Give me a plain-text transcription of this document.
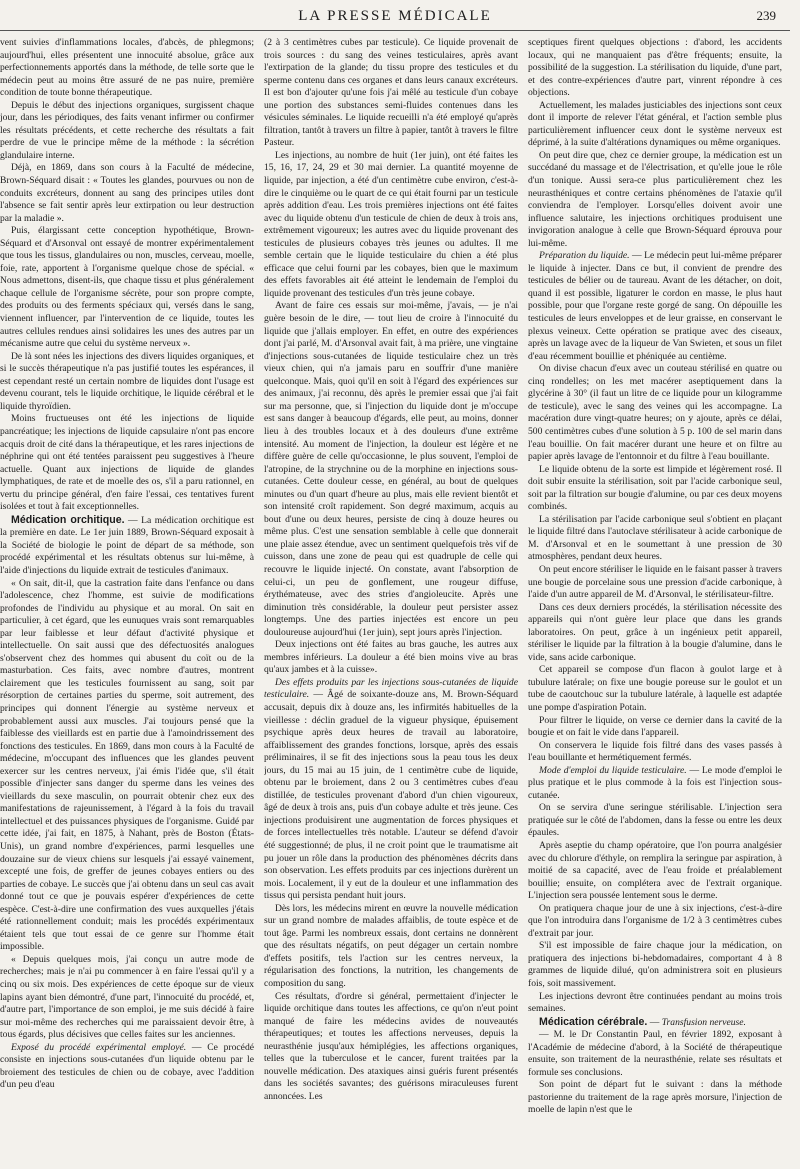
LA PRESSE MÉDICALE	239

vent suivies d'inflammations locales, d'abcès, de phlegmons; aujourd'hui, elles présentent une innocuité absolue, grâce aux perfectionnements apportés dans la méthode, de telle sorte que le médecin peut au moins être assuré de ne pas nuire, première condition de toute bonne thérapeutique.

Depuis le début des injections organiques, surgissent chaque jour, dans les périodiques, des faits venant infirmer ou confirmer les résultats précédents, et cette recherche des résultats a fait perdre de vue le principe même de la méthode : la sécrétion glandulaire interne.

Déjà, en 1869, dans son cours à la Faculté de médecine, Brown-Séquard disait : « Toutes les glandes, pourvues ou non de conduits excréteurs, donnent au sang des principes utiles dont l'absence se fait sentir après leur extirpation ou leur destruction par la maladie ».

Puis, élargissant cette conception hypothétique, Brown-Séquard et d'Arsonval ont essayé de montrer expérimentalement que tous les tissus, glandulaires ou non, muscles, cerveau, moelle, foie, rate, apportent à l'organisme quelque chose de spécial. « Nous admettons, disent-ils, que chaque tissu et plus généralement chaque cellule de l'organisme sécrète, pour son propre compte, des produits ou des ferments spéciaux qui, versés dans le sang, viennent influencer, par l'intervention de ce liquide, toutes les autres cellules rendues ainsi solidaires les unes des autres par un mécanisme autre que celui du système nerveux ».

De là sont nées les injections des divers liquides organiques, et si le succès thérapeutique n'a pas justifié toutes les espérances, il est cependant resté un certain nombre de liquides dont l'usage est devenu courant, tels le liquide orchitique, le liquide cérébral et le liquide thyroïdien.

Moins fructueuses ont été les injections de liquide pancréatique; les injections de liquide capsulaire n'ont pas encore acquis droit de cité dans la thérapeutique, et les rares injections de néphrine qui ont été tentées paraissent peu suggestives à l'heure actuelle. Quant aux injections de liquide de glandes lymphatiques, de rate et de moelle des os, s'il a paru rationnel, en vertu du principe général, d'en faire l'essai, ces tentatives furent isolées et tout à fait exceptionnelles.

Médication orchitique. — La médication orchitique est la première en date. Le 1er juin 1889, Brown-Séquard exposait à la Société de biologie le point de départ de sa méthode, son procédé expérimental et les résultats obtenus sur lui-même, à l'aide d'injections du liquide extrait de testicules d'animaux.

« On sait, dit-il, que la castration faite dans l'enfance ou dans l'adolescence, chez l'homme, est suivie de modifications profondes de l'individu au physique et au moral. On sait en particulier, à cet égard, que les eunuques vrais sont remarquables par leur faiblesse et leur défaut d'activité physique et intellectuelle. On sait aussi que des défectuosités analogues s'observent chez des hommes qui abusent du coït ou de la masturbation. Ces faits, avec nombre d'autres, montrent clairement que les testicules fournissent au sang, soit par résorption de certaines parties du sperme, soit autrement, des principes qui donnent l'énergie au système nerveux et probablement aussi aux muscles. J'ai toujours pensé que la faiblesse des vieillards est en partie due à l'amoindrissement des fonctions des testicules. En 1869, dans mon cours à la Faculté de médecine, m'occupant des influences que les glandes peuvent exercer sur les centres nerveux, j'ai émis l'idée que, s'il était possible d'injecter sans danger du sperme dans les veines des vieillards du sexe masculin, on pourrait obtenir chez eux des manifestations de rajeunissement, à l'égard à la fois du travail intellectuel et des puissances physiques de l'organisme. Guidé par cette idée, j'ai fait, en 1875, à Nahant, près de Boston (États-Unis), un grand nombre d'expériences, parmi lesquelles une douzaine sur de vieux chiens sur lesquels j'ai essayé vainement, excepté une fois, de greffer de jeunes cobayes entiers ou des parties de cobaye. Le succès que j'ai obtenu dans un seul cas avait donné tout ce que je pouvais espérer d'expériences de cette espèce. C'est-à-dire une confirmation des vues auxquelles j'étais été rationnellement conduit; mais les procédés expérimentaux étaient tels que tout essai de ce genre sur l'homme était impossible.

« Depuis quelques mois, j'ai conçu un autre mode de recherches; mais je n'ai pu commencer à en faire l'essai qu'il y a cinq ou six mois. Des expériences de cette époque sur de vieux lapins ayant bien démontré, d'une part, l'innocuité du procédé, et, d'autre part, l'importance de son emploi, je me suis décidé à faire sur moi-même des recherches qui me paraissaient devoir être, à tous égards, plus décisives que celles faites sur les anciennes.

Exposé du procédé expérimental employé. — Ce procédé consiste en injections sous-cutanées d'un liquide obtenu par le broiement des testicules de chien ou de cobaye, avec l'addition d'un peu d'eau

(2 à 3 centimètres cubes par testicule). Ce liquide provenait de trois sources : du sang des veines testiculaires, après avant l'extirpation de la glande; du tissu propre des testicules et du sperme contenu dans ces organes et dans leurs canaux excréteurs. Il est bon d'ajouter qu'une fois j'ai mêlé au testicule d'un cobaye une portion des substances semi-fluides contenues dans les vésicules séminales. Le liquide recueilli n'a été employé qu'après filtration, tantôt à travers un filtre à papier, tantôt à travers le filtre Pasteur.

Les injections, au nombre de huit (1er juin), ont été faites les 15, 16, 17, 24, 29 et 30 mai dernier. La quantité moyenne de liquide, par injection, a été d'un centimètre cube environ, c'est-à-dire le cinquième ou le quart de ce qui était fourni par un testicule après addition d'eau. Les trois premières injections ont été faites avec du liquide obtenu d'un testicule de chien de deux à trois ans, extrêmement vigoureux; les autres avec du liquide provenant des testicules de plusieurs cobayes très jeunes ou adultes. Il me semble certain que le liquide testiculaire du chien a été plus efficace que celui fourni par les cobayes, bien que le maximum des effets favorables ait été atteint le lendemain de l'emploi du liquide provenant des testicules d'un très jeune cobaye.

Avant de faire ces essais sur moi-même, j'avais, — je n'ai guère besoin de le dire, — tout lieu de croire à l'innocuité du liquide que j'allais employer. En effet, en outre des expériences dont j'ai parlé, M. d'Arsonval avait fait, à ma prière, une vingtaine d'injections sous-cutanées de liquide testiculaire chez un très vieux chien, qui n'a jamais paru en souffrir d'une manière quelconque. Mais, quoi qu'il en soit à l'égard des expériences sur des animaux, j'ai reconnu, dès après le premier essai que j'ai fait sur ma personne, que, si l'injection du liquide dont je m'occupe est sans danger à beaucoup d'égards, elle peut, au moins, donner lieu à des troubles locaux et à des douleurs d'une extrême intensité. Au moment de l'injection, la douleur est légère et ne diffère guère de celle qu'occasionne, le plus souvent, l'emploi de l'atropine, de la strychnine ou de la morphine en injections sous-cutanées. Cette douleur cesse, en général, au bout de quelques minutes ou d'un quart d'heure au plus, mais elle revient bientôt et son intensité croît rapidement. Son degré maximum, acquis au bout d'une ou deux heures, persiste de cinq à douze heures ou même plus. C'est une sensation semblable à celle que donnerait une plaie assez étendue, avec un sentiment quelquefois très vif de cuisson, dans une zone de peau qui est quadruple de celle qui recouvre le liquide injecté. On constate, avant l'absorption de celui-ci, un peu de gonflement, une rougeur diffuse, érythémateuse, avec des stries d'angioleucite. Après une diminution très considérable, la douleur peut persister assez longtemps. Une des parties injectées est encore un peu douloureuse aujourd'hui (1er juin), sept jours après l'injection.

Deux injections ont été faites au bras gauche, les autres aux membres inférieurs. La douleur a été bien moins vive au bras qu'aux jambes et à la cuisse».

Des effets produits par les injections sous-cutanées de liquide testiculaire. — Âgé de soixante-douze ans, M. Brown-Séquard accusait, depuis dix à douze ans, les infirmités habituelles de la vieillesse : déclin graduel de la vigueur physique, épuisement psychique après deux heures de travail au laboratoire, affaiblissement des grandes fonctions, lorsque, après des essais préliminaires, il se fit des injections sous la peau tous les deux jours, du 15 mai au 15 juin, de 1 centimètre cube de liquide, obtenu par le broiement, dans 2 ou 3 centimètres cubes d'eau distillée, de testicules provenant d'abord d'un chien vigoureux, âgé de deux à trois ans, puis d'un cobaye adulte et très jeune. Ces injections produisirent une augmentation de forces physiques et de forces intellectuelles très notable. L'auteur se défend d'avoir été suggestionné; de plus, il ne croit point que le traumatisme ait pu jouer un rôle dans la production des phénomènes décrits dans son observation. Les effets produits par ces injections durèrent un mois. Localement, il y eut de la douleur et une inflammation des tissus qui persista pendant huit jours.

Dès lors, les médecins mirent en œuvre la nouvelle médication sur un grand nombre de malades affaiblis, de toute espèce et de tout âge. Parmi les nombreux essais, dont certains ne donnèrent que des résultats négatifs, on peut dégager un certain nombre d'effets positifs, tels l'action sur les centres nerveux, la régularisation des fonctions, la nutrition, les changements de composition du sang.

Ces résultats, d'ordre si général, permettaient d'injecter le liquide orchitique dans toutes les affections, ce qu'on n'eut point manqué de faire les médecins avides de nouveautés thérapeutiques; et toutes les affections nerveuses, depuis la neurasthénie jusqu'aux hémiplégies, les affections organiques, telles que la tuberculose et le cancer, furent traitées par la nouvelle médication. Des ataxiques ainsi guéris furent présentés dans les sociétés savantes; des guérisons miraculeuses furent annoncées. Les

sceptiques firent quelques objections : d'abord, les accidents locaux, qui ne manquaient pas d'être fréquents; ensuite, la possibilité de la suggestion. La stérilisation du liquide, d'une part, et des contre-expériences d'autre part, vinrent répondre à ces objections.

Actuellement, les malades justiciables des injections sont ceux dont il importe de relever l'état général, et l'action semble plus particulièrement influencer ceux dont le système nerveux est déprimé, à la suite d'altérations dynamiques ou même organiques.

On peut dire que, chez ce dernier groupe, la médication est un succédané du massage et de l'électrisation, et qu'elle joue le rôle d'un tonique. Aussi sera-ce plus particulièrement chez les neurasthéniques et contre certains phénomènes de l'ataxie qu'il conviendra de l'employer. Lorsqu'elles doivent avoir une influence salutaire, les injections orchitiques produisent une invigoration analogue à celle que Brown-Séquard éprouva pour lui-même.

Préparation du liquide. — Le médecin peut lui-même préparer le liquide à injecter. Dans ce but, il convient de prendre des testicules de bélier ou de taureau. Avant de les détacher, on doit, quand il est possible, ligaturer le cordon en masse, le plus haut possible, pour que l'organe reste gorgé de sang. On dépouille les testicules de leurs enveloppes et de leur graisse, en conservant le plexus veineux. Cette opération se pratique avec des ciseaux, après un lavage avec de la liqueur de Van Swieten, et sous un filet d'eau récemment bouillie et phéniquée au centième.

On divise chacun d'eux avec un couteau stérilisé en quatre ou cinq rondelles; on les met macérer aseptiquement dans la glycérine à 30° (il faut un litre de ce liquide pour un kilogramme de testicule), avec le sang des veines qui les accompagne. La macération dure vingt-quatre heures; on y ajoute, après ce délai, 500 centimètres cubes d'une solution à 5 p. 100 de sel marin dans l'eau bouillie. On fait macérer durant une heure et on filtre au papier après lavage de l'entonnoir et du filtre à l'eau bouillante.

Le liquide obtenu de la sorte est limpide et légèrement rosé. Il doit subir ensuite la stérilisation, soit par l'acide carbonique seul, soit par la filtration sur bougie d'alumine, ou par ces deux moyens combinés.

La stérilisation par l'acide carbonique seul s'obtient en plaçant le liquide filtré dans l'autoclave stérilisateur à acide carbonique de M. d'Arsonval et en le soumettant à une pression de 30 atmosphères, pendant deux heures.

On peut encore stériliser le liquide en le faisant passer à travers une bougie de porcelaine sous une pression d'acide carbonique, à l'aide d'un autre appareil de M. d'Arsonval, le stérilisateur-filtre.

Dans ces deux derniers procédés, la stérilisation nécessite des appareils qui n'ont guère leur place que dans les grands laboratoires. On peut, grâce à un ingénieux petit appareil, stériliser le liquide par la filtration à la bougie d'alumine, dans le vide, sans acide carbonique.

Cet appareil se compose d'un flacon à goulot large et à tubulure latérale; on fixe une bougie poreuse sur le goulot et un tube de caoutchouc sur la tubulure latérale, à laquelle est adaptée une pompe d'aspiration Potain.

Pour filtrer le liquide, on verse ce dernier dans la cavité de la bougie et on fait le vide dans l'appareil.

On conservera le liquide fois filtré dans des vases passés à l'eau bouillante et hermétiquement fermés.

Mode d'emploi du liquide testiculaire. — Le mode d'emploi le plus pratique et le plus commode à la fois est l'injection sous-cutanée.

On se servira d'une seringue stérilisable. L'injection sera pratiquée sur le côté de l'abdomen, dans la fesse ou entre les deux épaules.

Après aseptie du champ opératoire, que l'on pourra analgésier avec du chlorure d'éthyle, on remplira la seringue par aspiration, à moitié de sa capacité, avec de l'eau froide et préalablement bouillie; ensuite, on complétera avec de l'extrait organique. L'injection sera poussée lentement sous le derme.

On pratiquera chaque jour de une à six injections, c'est-à-dire que l'on introduira dans l'organisme de 1/2 à 3 centimètres cubes d'extrait par jour.

S'il est impossible de faire chaque jour la médication, on pratiquera des injections bi-hebdomadaires, comportant 4 à 8 grammes de liquide dilué, qu'on administrera soit en plusieurs fois, soit massivement.

Les injections devront être continuées pendant au moins trois semaines.

Médication cérébrale. — Transfusion nerveuse.

— M. le Dr Constantin Paul, en février 1892, exposant à l'Académie de médecine d'abord, à la Société de thérapeutique ensuite, son traitement de la neurasthénie, relate ses résultats et formule ses conclusions.

Son point de départ fut le suivant : dans la méthode pastorienne du traitement de la rage après morsure, l'injection de moelle de lapin n'est que le
